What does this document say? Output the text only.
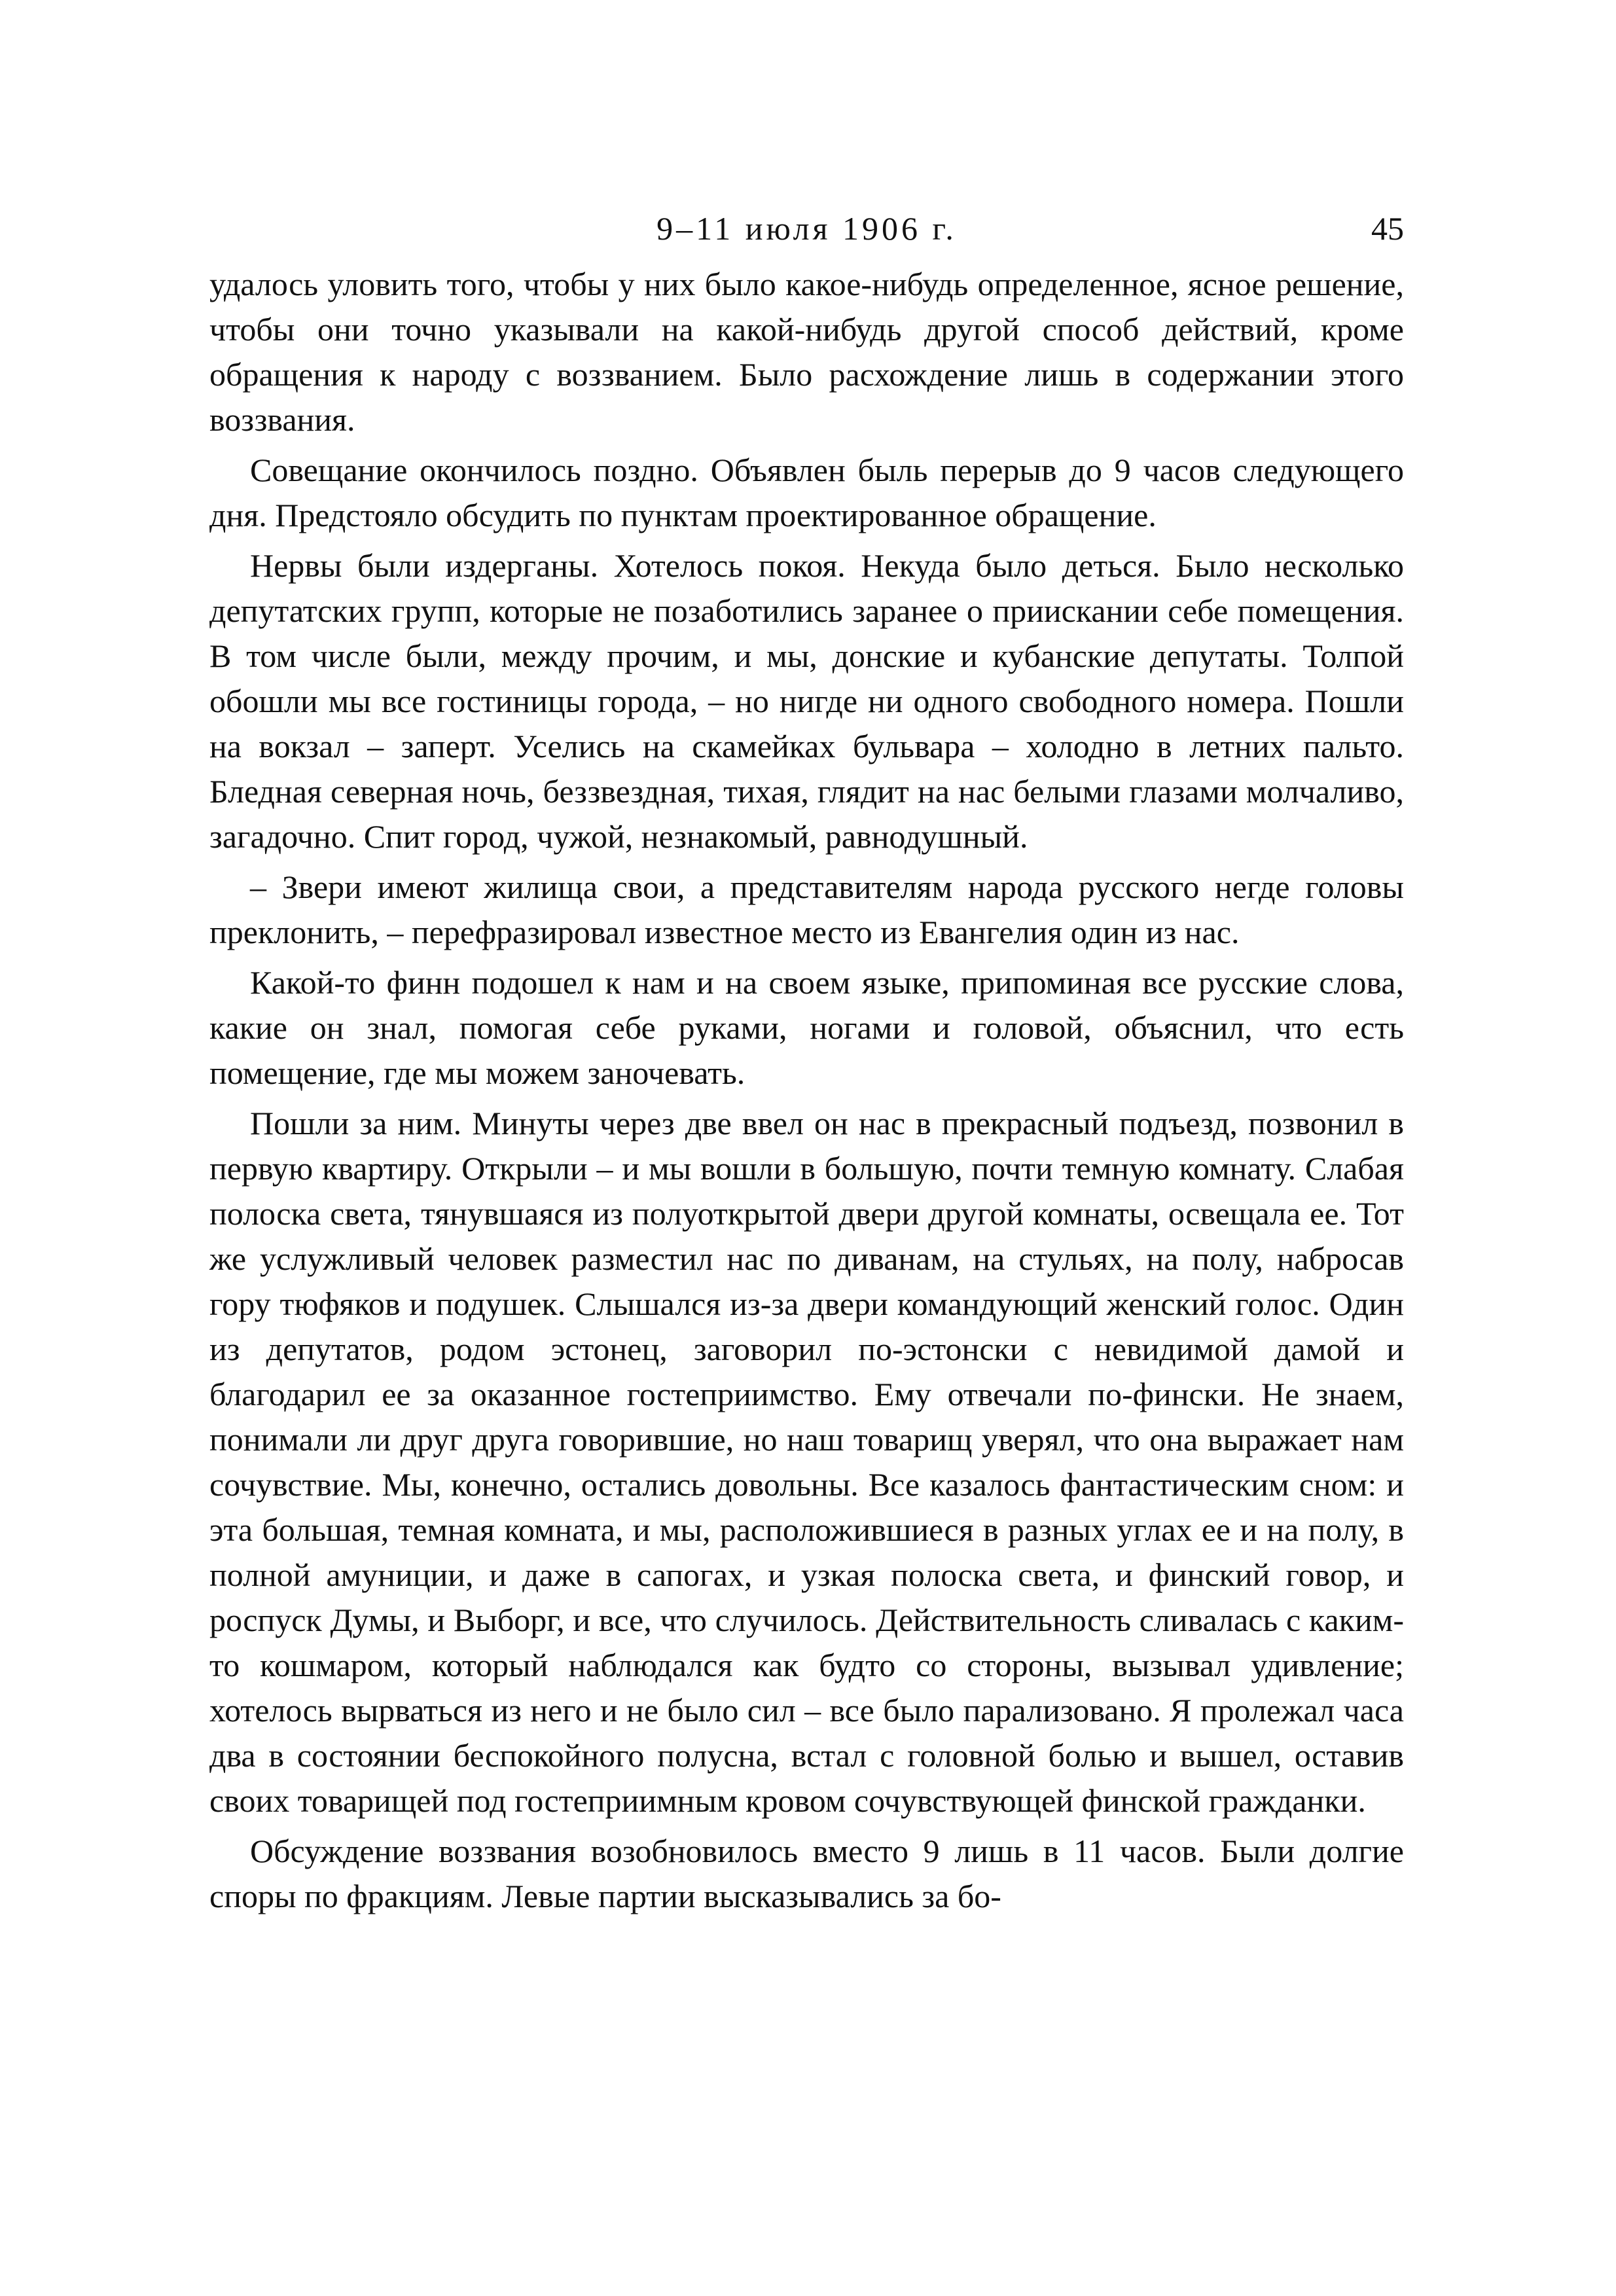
9–11 июля 1906 г.	45

удалось уловить того, чтобы у них было какое-нибудь определенное, ясное решение, чтобы они точно указывали на какой-нибудь другой способ действий, кроме обращения к народу с воззванием. Было расхождение лишь в содержании этого воззвания.

Совещание окончилось поздно. Объявлен быль перерыв до 9 часов следующего дня. Предстояло обсудить по пунктам проектированное обращение.

Нервы были издерганы. Хотелось покоя. Некуда было деться. Было несколько депутатских групп, которые не позаботились заранее о приискании себе помещения. В том числе были, между прочим, и мы, донские и кубанские депутаты. Толпой обошли мы все гостиницы города, – но нигде ни одного свободного номера. Пошли на вокзал – заперт. Уселись на скамейках бульвара – холодно в летних пальто. Бледная северная ночь, беззвездная, тихая, глядит на нас белыми глазами молчаливо, загадочно. Спит город, чужой, незнакомый, равнодушный.

– Звери имеют жилища свои, а представителям народа русского негде головы преклонить, – перефразировал известное место из Евангелия один из нас.

Какой-то финн подошел к нам и на своем языке, припоминая все русские слова, какие он знал, помогая себе руками, ногами и головой, объяснил, что есть помещение, где мы можем заночевать.

Пошли за ним. Минуты через две ввел он нас в прекрасный подъезд, позвонил в первую квартиру. Открыли – и мы вошли в большую, почти темную комнату. Слабая полоска света, тянувшаяся из полуоткрытой двери другой комнаты, освещала ее. Тот же услужливый человек разместил нас по диванам, на стульях, на полу, набросав гору тюфяков и подушек. Слышался из-за двери командующий женский голос. Один из депутатов, родом эстонец, заговорил по-эстонски с невидимой дамой и благодарил ее за оказанное гостеприимство. Ему отвечали по-фински. Не знаем, понимали ли друг друга говорившие, но наш товарищ уверял, что она выражает нам сочувствие. Мы, конечно, остались довольны. Все казалось фантастическим сном: и эта большая, темная комната, и мы, расположившиеся в разных углах ее и на полу, в полной амуниции, и даже в сапогах, и узкая полоска света, и финский говор, и роспуск Думы, и Выборг, и все, что случилось. Действительность сливалась с каким-то кошмаром, который наблюдался как будто со стороны, вызывал удивление; хотелось вырваться из него и не было сил – все было парализовано. Я пролежал часа два в состоянии беспокойного полусна, встал с головной болью и вышел, оставив своих товарищей под гостеприимным кровом сочувствующей финской гражданки.

Обсуждение воззвания возобновилось вместо 9 лишь в 11 часов. Были долгие споры по фракциям. Левые партии высказывались за бо-
